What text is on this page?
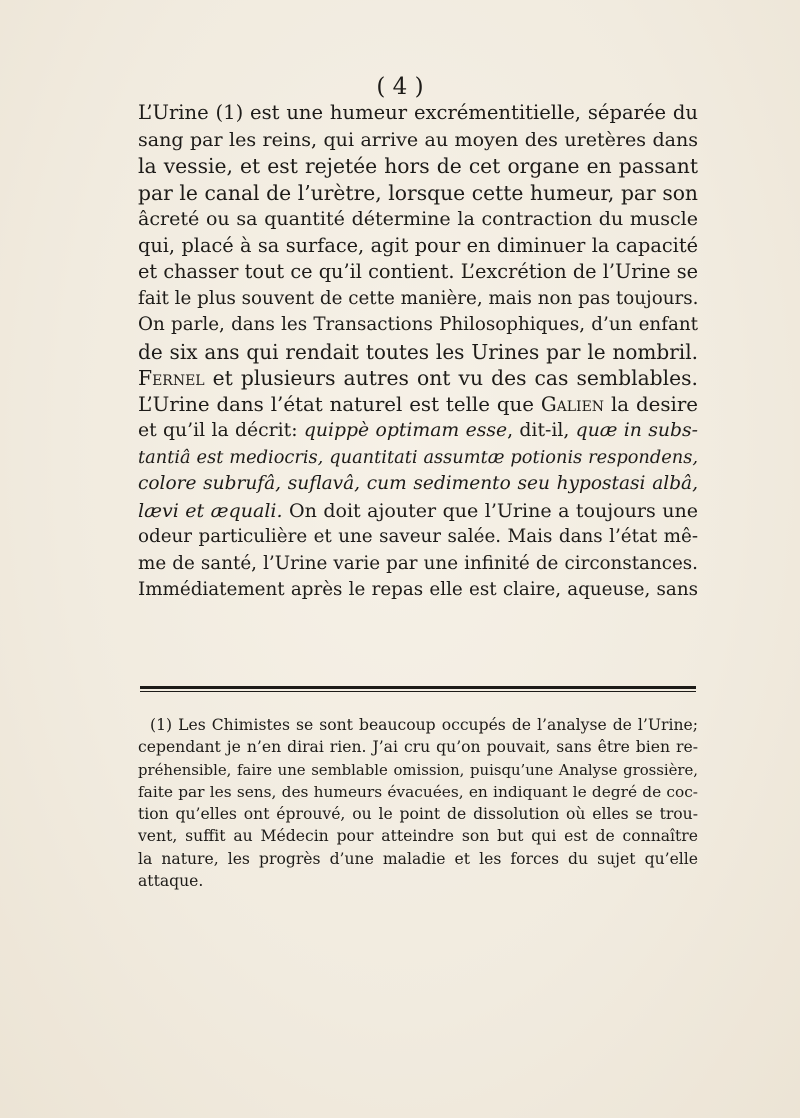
( 4 )
L’Urine (1) est une humeur excrémentitielle, séparée du
sang par les reins, qui arrive au moyen des uretères dans
la vessie, et est rejetée hors de cet organe en passant
par le canal de l’urètre, lorsque cette humeur, par son
âcreté ou sa quantité détermine la contraction du muscle
qui, placé à sa surface, agit pour en diminuer la capacité
et chasser tout ce qu’il contient. L’excrétion de l’Urine se
fait le plus souvent de cette manière, mais non pas toujours.
On parle, dans les Transactions Philosophiques, d’un enfant
de six ans qui rendait toutes les Urines par le nombril.
Fernel et plusieurs autres ont vu des cas semblables.
L’Urine dans l’état naturel est telle que Galien la desire
et qu’il la décrit: quippè optimam esse, dit-il, quæ in subs-
tantiâ est mediocris, quantitati assumtæ potionis respondens,
colore subrufâ, suflavâ, cum sedimento seu hypostasi albâ,
lævi et æquali. On doit ajouter que l’Urine a toujours une
odeur particulière et une saveur salée. Mais dans l’état mê-
me de santé, l’Urine varie par une infinité de circonstances.
Immédiatement après le repas elle est claire, aqueuse, sans
(1) Les Chimistes se sont beaucoup occupés de l’analyse de l’Urine;
cependant je n’en dirai rien. J’ai cru qu’on pouvait, sans être bien re-
préhensible, faire une semblable omission, puisqu’une Analyse grossière,
faite par les sens, des humeurs évacuées, en indiquant le degré de coc-
tion qu’elles ont éprouvé, ou le point de dissolution où elles se trou-
vent, suffit au Médecin pour atteindre son but qui est de connaître
la nature, les progrès d’une maladie et les forces du sujet qu’elle
attaque.
